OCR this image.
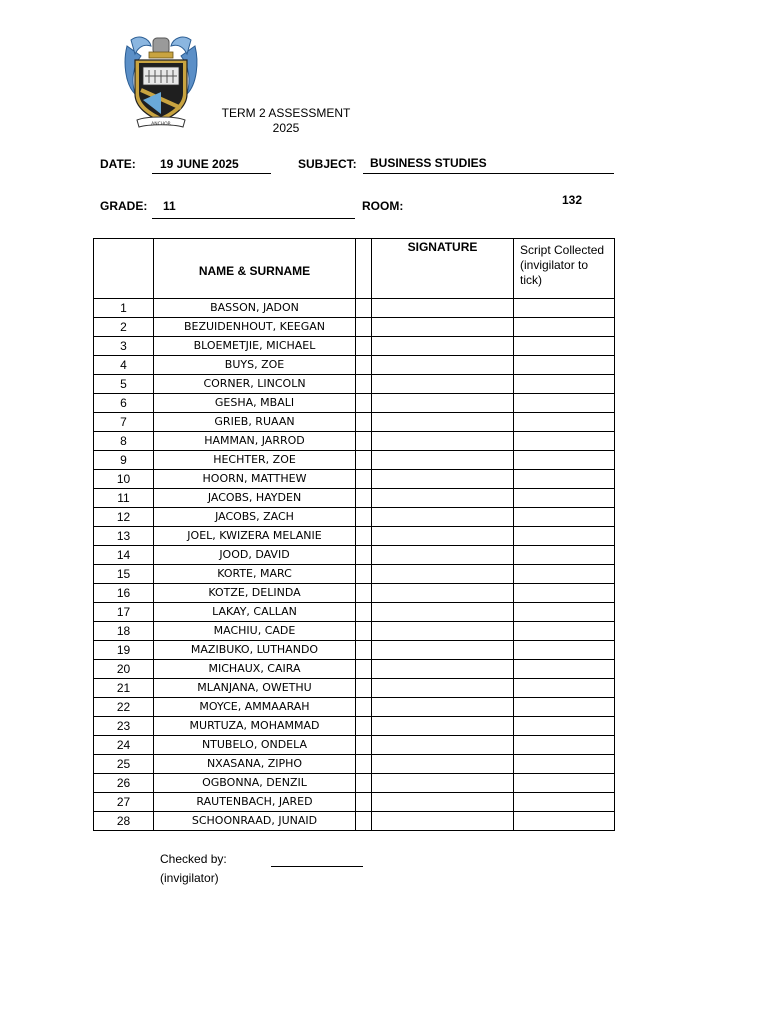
ANCHOR
TERM 2 ASSESSMENT
2025
DATE: 19 JUNE 2025	SUBJECT: BUSINESS STUDIES
GRADE: 11	ROOM:	132
	NAME & SURNAME		SIGNATURE	Script Collected (invigilator to tick)
1	BASSON, JADON			
2	BEZUIDENHOUT, KEEGAN			
3	BLOEMETJIE, MICHAEL			
4	BUYS, ZOE			
5	CORNER, LINCOLN			
6	GESHA, MBALI			
7	GRIEB, RUAAN			
8	HAMMAN, JARROD			
9	HECHTER, ZOE			
10	HOORN, MATTHEW			
11	JACOBS, HAYDEN			
12	JACOBS, ZACH			
13	JOEL, KWIZERA MELANIE			
14	JOOD, DAVID			
15	KORTE, MARC			
16	KOTZE, DELINDA			
17	LAKAY, CALLAN			
18	MACHIU, CADE			
19	MAZIBUKO, LUTHANDO			
20	MICHAUX, CAIRA			
21	MLANJANA, OWETHU			
22	MOYCE, AMMAARAH			
23	MURTUZA, MOHAMMAD			
24	NTUBELO, ONDELA			
25	NXASANA, ZIPHO			
26	OGBONNA, DENZIL			
27	RAUTENBACH, JARED			
28	SCHOONRAAD, JUNAID			
Checked by:
(invigilator)
